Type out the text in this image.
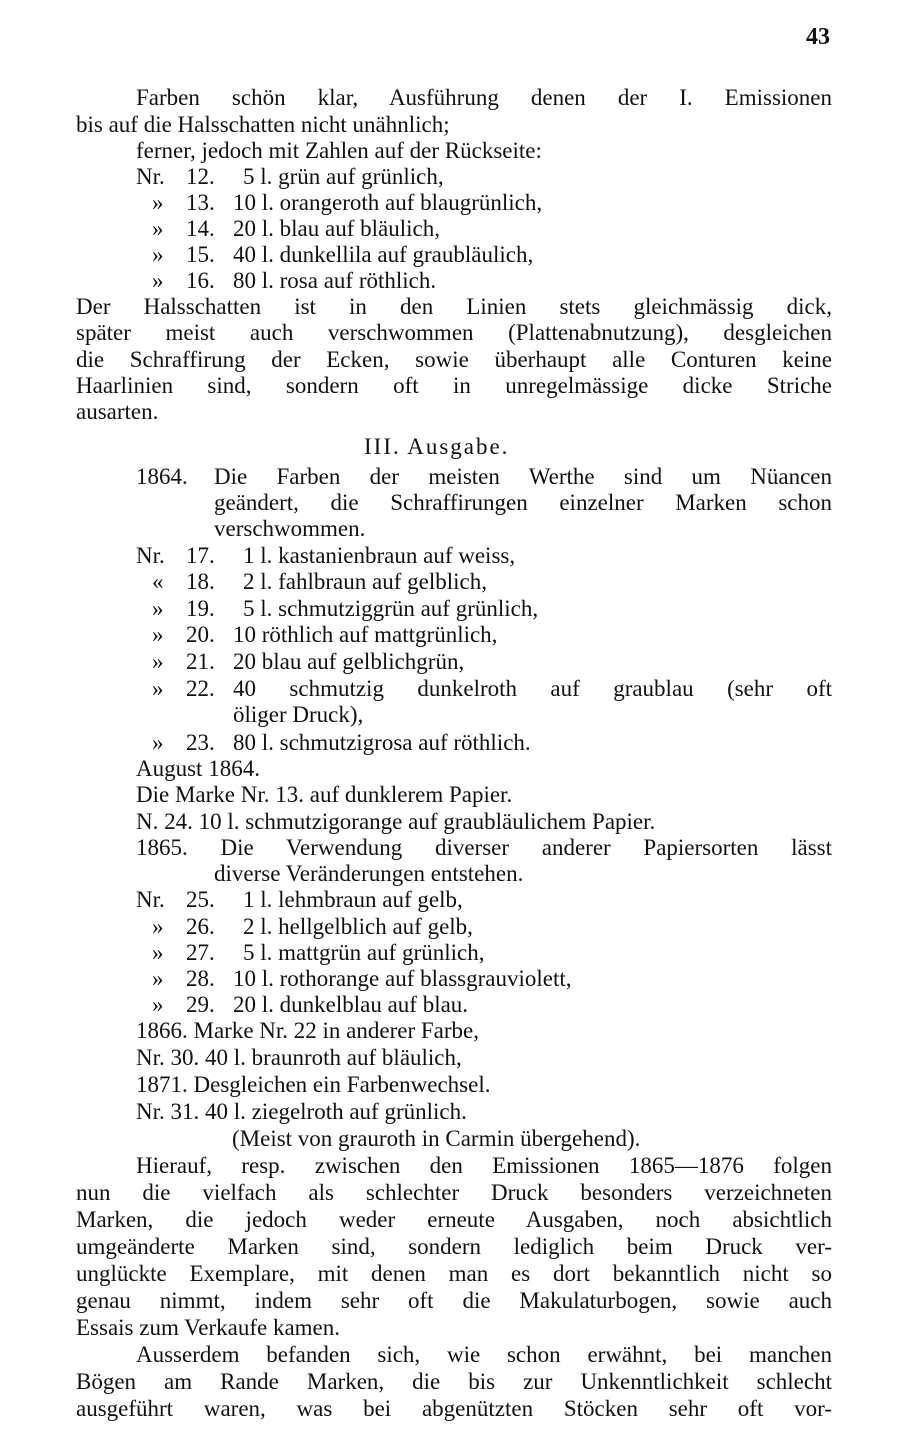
43
Farben schön klar, Ausführung denen der I. Emissionen
bis auf die Halsschatten nicht unähnlich;
ferner, jedoch mit Zahlen auf der Rückseite:
Nr. 12. 5 l. grün auf grünlich,
» 13. 10 l. orangeroth auf blaugrünlich,
» 14. 20 l. blau auf bläulich,
» 15. 40 l. dunkellila auf graubläulich,
» 16. 80 l. rosa auf röthlich.
Der Halsschatten ist in den Linien stets gleichmässig dick,
später meist auch verschwommen (Plattenabnutzung), desgleichen
die Schraffirung der Ecken, sowie überhaupt alle Conturen keine
Haarlinien sind, sondern oft in unregelmässige dicke Striche
ausarten.
III. Ausgabe.
1864. Die Farben der meisten Werthe sind um Nüancen
geändert, die Schraffirungen einzelner Marken schon
verschwommen.
Nr. 17. 1 l. kastanienbraun auf weiss,
« 18. 2 l. fahlbraun auf gelblich,
» 19. 5 l. schmutziggrün auf grünlich,
» 20. 10 röthlich auf mattgrünlich,
» 21. 20 blau auf gelblichgrün,
» 22. 40 schmutzig dunkelroth auf graublau (sehr oft
öliger Druck),
» 23. 80 l. schmutzigrosa auf röthlich.
August 1864.
Die Marke Nr. 13. auf dunklerem Papier.
N. 24. 10 l. schmutzigorange auf graubläulichem Papier.
1865. Die Verwendung diverser anderer Papiersorten lässt
diverse Veränderungen entstehen.
Nr. 25. 1 l. lehmbraun auf gelb,
» 26. 2 l. hellgelblich auf gelb,
» 27. 5 l. mattgrün auf grünlich,
» 28. 10 l. rothorange auf blassgrauviolett,
» 29. 20 l. dunkelblau auf blau.
1866. Marke Nr. 22 in anderer Farbe,
Nr. 30. 40 l. braunroth auf bläulich,
1871. Desgleichen ein Farbenwechsel.
Nr. 31. 40 l. ziegelroth auf grünlich.
(Meist von grauroth in Carmin übergehend).
Hierauf, resp. zwischen den Emissionen 1865—1876 folgen
nun die vielfach als schlechter Druck besonders verzeichneten
Marken, die jedoch weder erneute Ausgaben, noch absichtlich
umgeänderte Marken sind, sondern lediglich beim Druck ver-
unglückte Exemplare, mit denen man es dort bekanntlich nicht so
genau nimmt, indem sehr oft die Makulaturbogen, sowie auch
Essais zum Verkaufe kamen.
Ausserdem befanden sich, wie schon erwähnt, bei manchen
Bögen am Rande Marken, die bis zur Unkenntlichkeit schlecht
ausgeführt waren, was bei abgenützten Stöcken sehr oft vor-
